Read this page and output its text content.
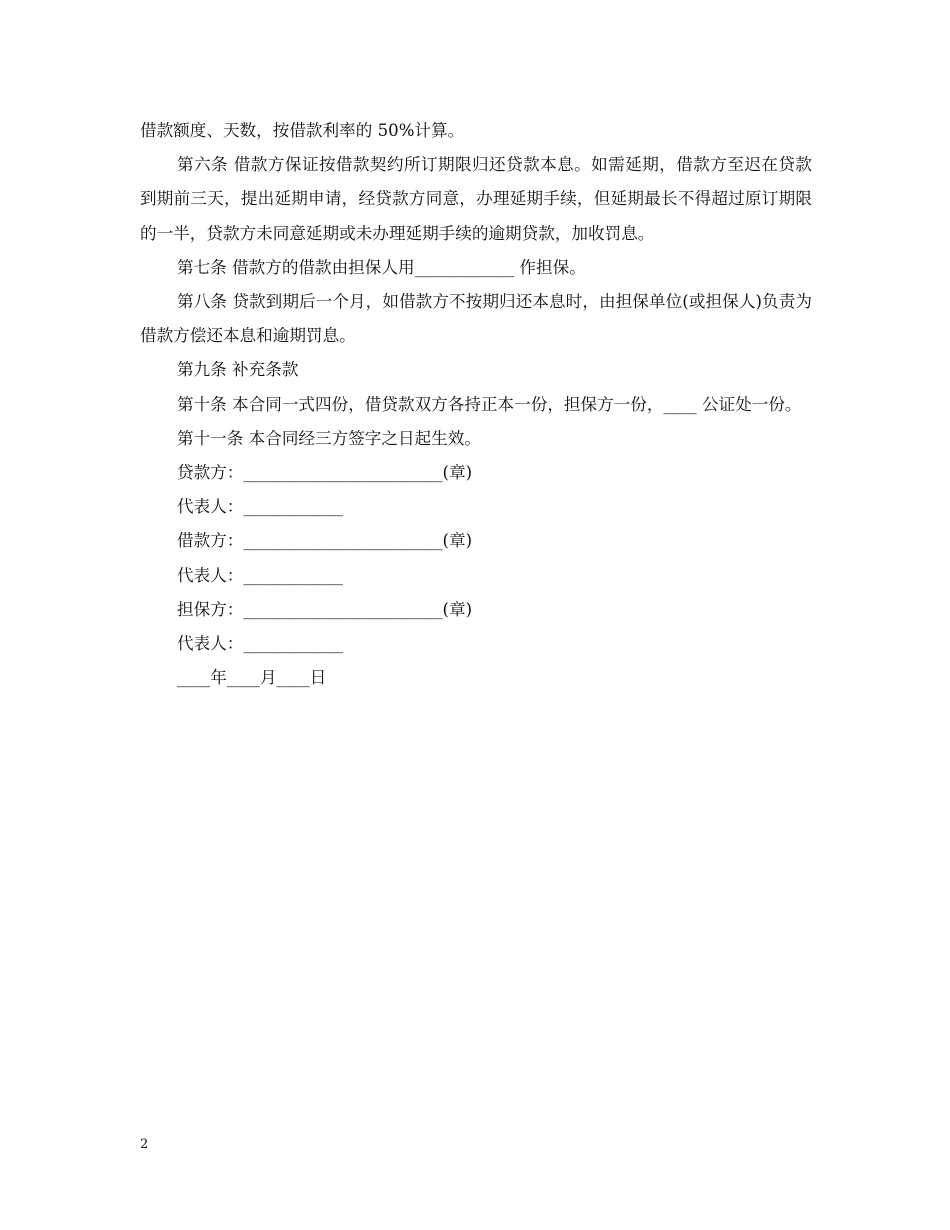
借款额度、天数，按借款利率的 50%计算。

第六条 借款方保证按借款契约所订期限归还贷款本息。如需延期，借款方至迟在贷款到期前三天，提出延期申请，经贷款方同意，办理延期手续，但延期最长不得超过原订期限的一半，贷款方未同意延期或未办理延期手续的逾期贷款，加收罚息。

第七条 借款方的借款由担保人用____________ 作担保。

第八条 贷款到期后一个月，如借款方不按期归还本息时，由担保单位(或担保人)负责为借款方偿还本息和逾期罚息。

第九条 补充条款

第十条 本合同一式四份，借贷款双方各持正本一份，担保方一份，____ 公证处一份。

第十一条 本合同经三方签字之日起生效。

贷款方：________________________(章)

代表人：____________

借款方：________________________(章)

代表人：____________

担保方：________________________(章)

代表人：____________

____年____月____日

2
